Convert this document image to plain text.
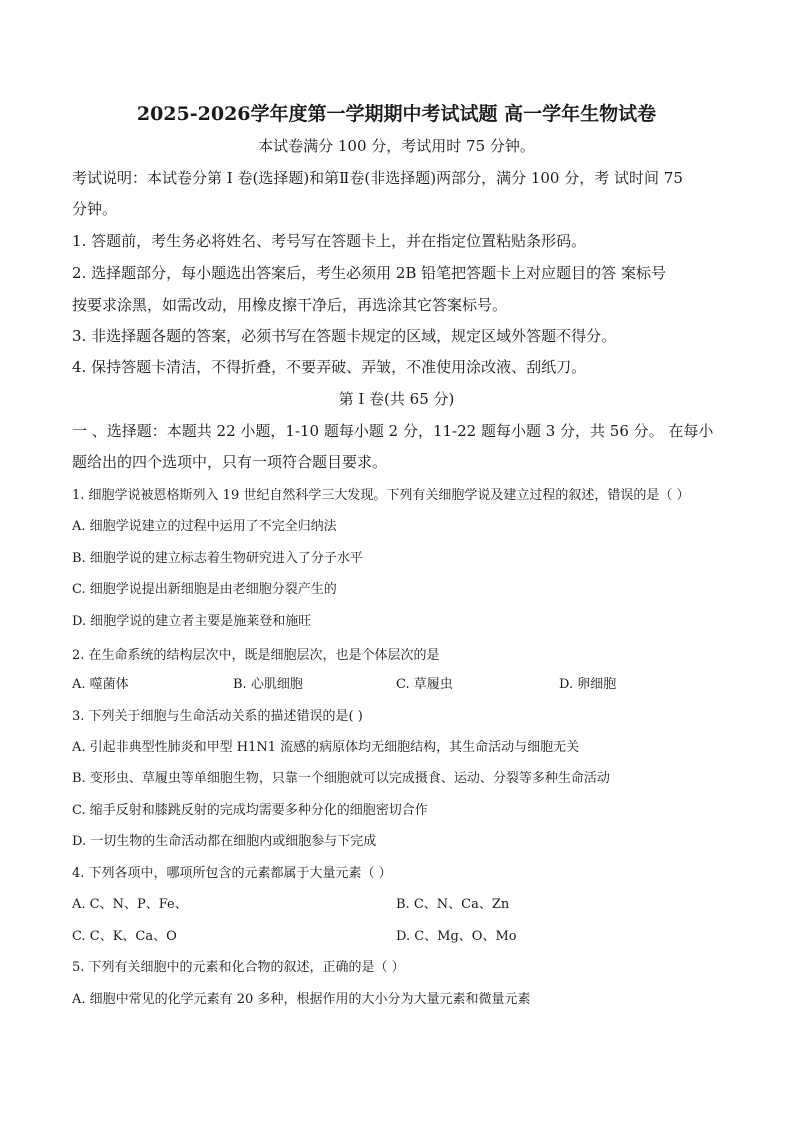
2025-2026学年度第一学期期中考试试题 高一学年生物试卷
本试卷满分 100 分，考试用时 75 分钟。
考试说明：本试卷分第 I 卷(选择题)和第Ⅱ卷(非选择题)两部分，满分 100 分，考 试时间 75
分钟。
1. 答题前，考生务必将姓名、考号写在答题卡上，并在指定位置粘贴条形码。
2. 选择题部分，每小题选出答案后，考生必须用 2B 铅笔把答题卡上对应题目的答 案标号
按要求涂黑，如需改动，用橡皮擦干净后，再选涂其它答案标号。
3. 非选择题各题的答案，必须书写在答题卡规定的区域，规定区域外答题不得分。
4. 保持答题卡清洁，不得折叠，不要弄破、弄皱，不准使用涂改液、刮纸刀。
第 I 卷(共 65 分)
一 、选择题：本题共 22 小题，1-10 题每小题 2 分，11-22 题每小题 3 分，共 56 分。 在每小
题给出的四个选项中，只有一项符合题目要求。
1. 细胞学说被恩格斯列入 19 世纪自然科学三大发现。下列有关细胞学说及建立过程的叙述，错误的是（ ）
A. 细胞学说建立的过程中运用了不完全归纳法
B. 细胞学说的建立标志着生物研究进入了分子水平
C. 细胞学说提出新细胞是由老细胞分裂产生的
D. 细胞学说的建立者主要是施莱登和施旺
2. 在生命系统的结构层次中，既是细胞层次，也是个体层次的是
A. 噬菌体	B. 心肌细胞	C. 草履虫	D. 卵细胞
3. 下列关于细胞与生命活动关系的描述错误的是( )
A. 引起非典型性肺炎和甲型 H1N1 流感的病原体均无细胞结构，其生命活动与细胞无关
B. 变形虫、草履虫等单细胞生物，只靠一个细胞就可以完成摄食、运动、分裂等多种生命活动
C. 缩手反射和膝跳反射的完成均需要多种分化的细胞密切合作
D. 一切生物的生命活动都在细胞内或细胞参与下完成
4. 下列各项中，哪项所包含的元素都属于大量元素（ ）
A. C、N、P、Fe、	B. C、N、Ca、Zn
C. C、K、Ca、O	D. C、Mg、O、Mo
5. 下列有关细胞中的元素和化合物的叙述，正确的是（ ）
A. 细胞中常见的化学元素有 20 多种，根据作用的大小分为大量元素和微量元素
